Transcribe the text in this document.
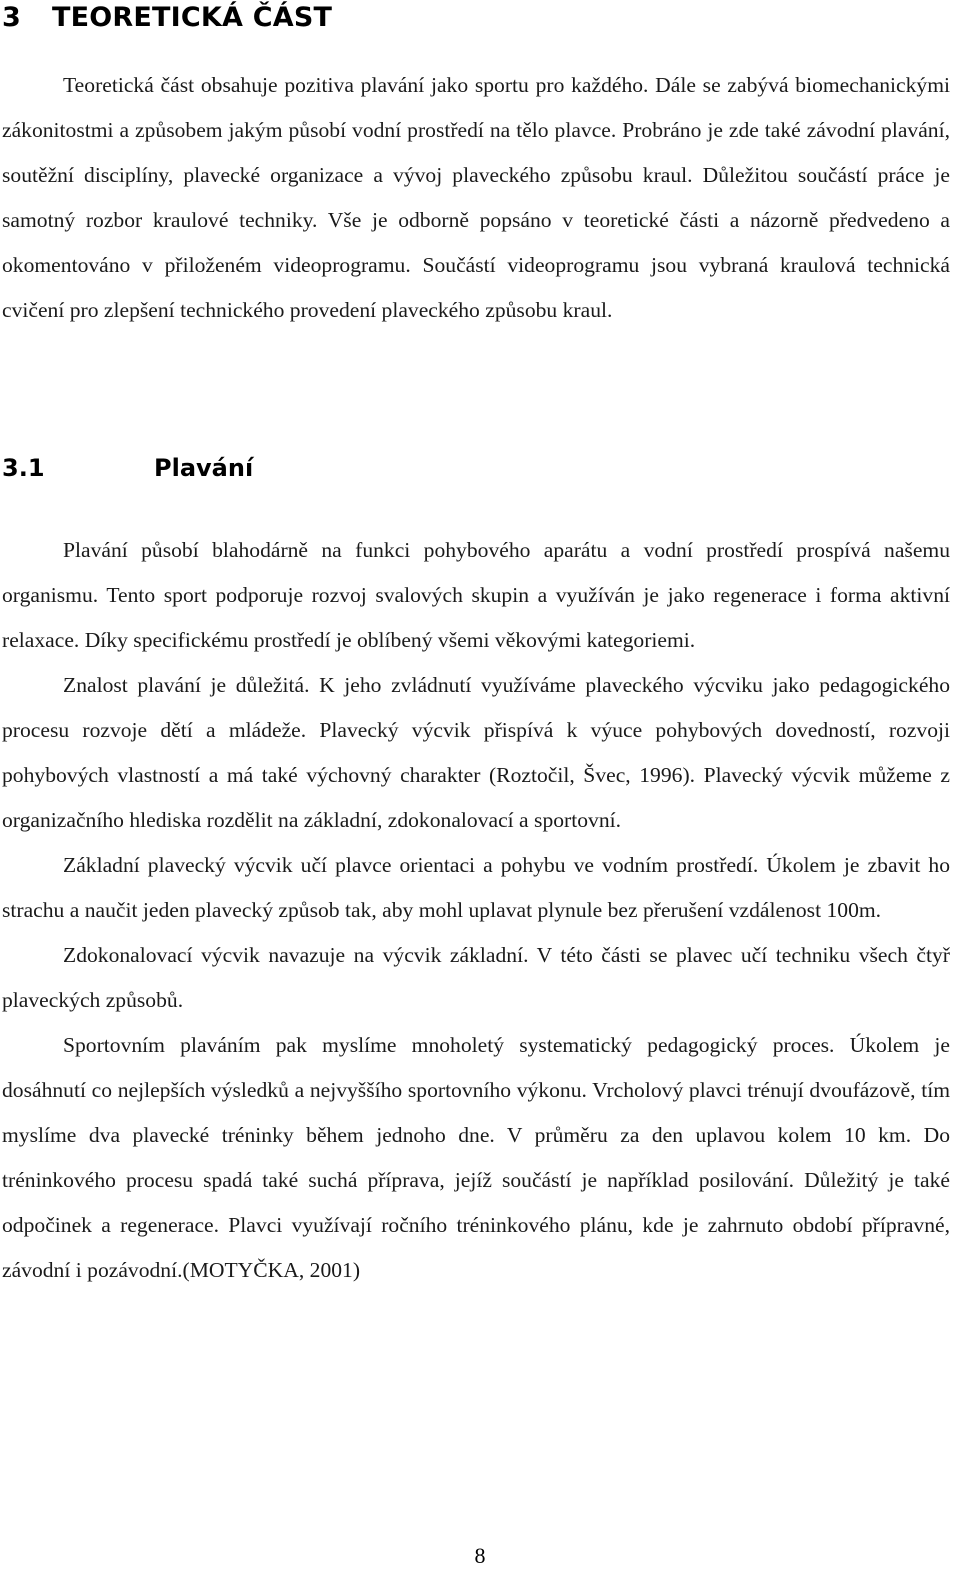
3 TEORETICKÁ ČÁST

Teoretická část obsahuje pozitiva plavání jako sportu pro každého. Dále se zabývá biomechanickými zákonitostmi a způsobem jakým působí vodní prostředí na tělo plavce. Probráno je zde také závodní plavání, soutěžní disciplíny, plavecké organizace a vývoj plaveckého způsobu kraul. Důležitou součástí práce je samotný rozbor kraulové techniky. Vše je odborně popsáno v teoretické části a názorně předvedeno a okomentováno v přiloženém videoprogramu. Součástí videoprogramu jsou vybraná kraulová technická cvičení pro zlepšení technického provedení plaveckého způsobu kraul.

3.1	Plavání

Plavání působí blahodárně na funkci pohybového aparátu a vodní prostředí prospívá našemu organismu. Tento sport podporuje rozvoj svalových skupin a využíván je jako regenerace i forma aktivní relaxace. Díky specifickému prostředí je oblíbený všemi věkovými kategoriemi.

Znalost plavání je důležitá. K jeho zvládnutí využíváme plaveckého výcviku jako pedagogického procesu rozvoje dětí a mládeže. Plavecký výcvik přispívá k výuce pohybových dovedností, rozvoji pohybových vlastností a má také výchovný charakter (Roztočil, Švec, 1996). Plavecký výcvik můžeme z organizačního hlediska rozdělit na základní, zdokonalovací a sportovní.

Základní plavecký výcvik učí plavce orientaci a pohybu ve vodním prostředí. Úkolem je zbavit ho strachu a naučit jeden plavecký způsob tak, aby mohl uplavat plynule bez přerušení vzdálenost 100m.

Zdokonalovací výcvik navazuje na výcvik základní. V této části se plavec učí techniku všech čtyř plaveckých způsobů.

Sportovním plaváním pak myslíme mnoholetý systematický pedagogický proces. Úkolem je dosáhnutí co nejlepších výsledků a nejvyššího sportovního výkonu. Vrcholový plavci trénují dvoufázově, tím myslíme dva plavecké tréninky během jednoho dne. V průměru za den uplavou kolem 10 km. Do tréninkového procesu spadá také suchá příprava, jejíž součástí je například posilování. Důležitý je také odpočinek a regenerace. Plavci využívají ročního tréninkového plánu, kde je zahrnuto období přípravné, závodní i pozávodní.(MOTYČKA, 2001)

8
